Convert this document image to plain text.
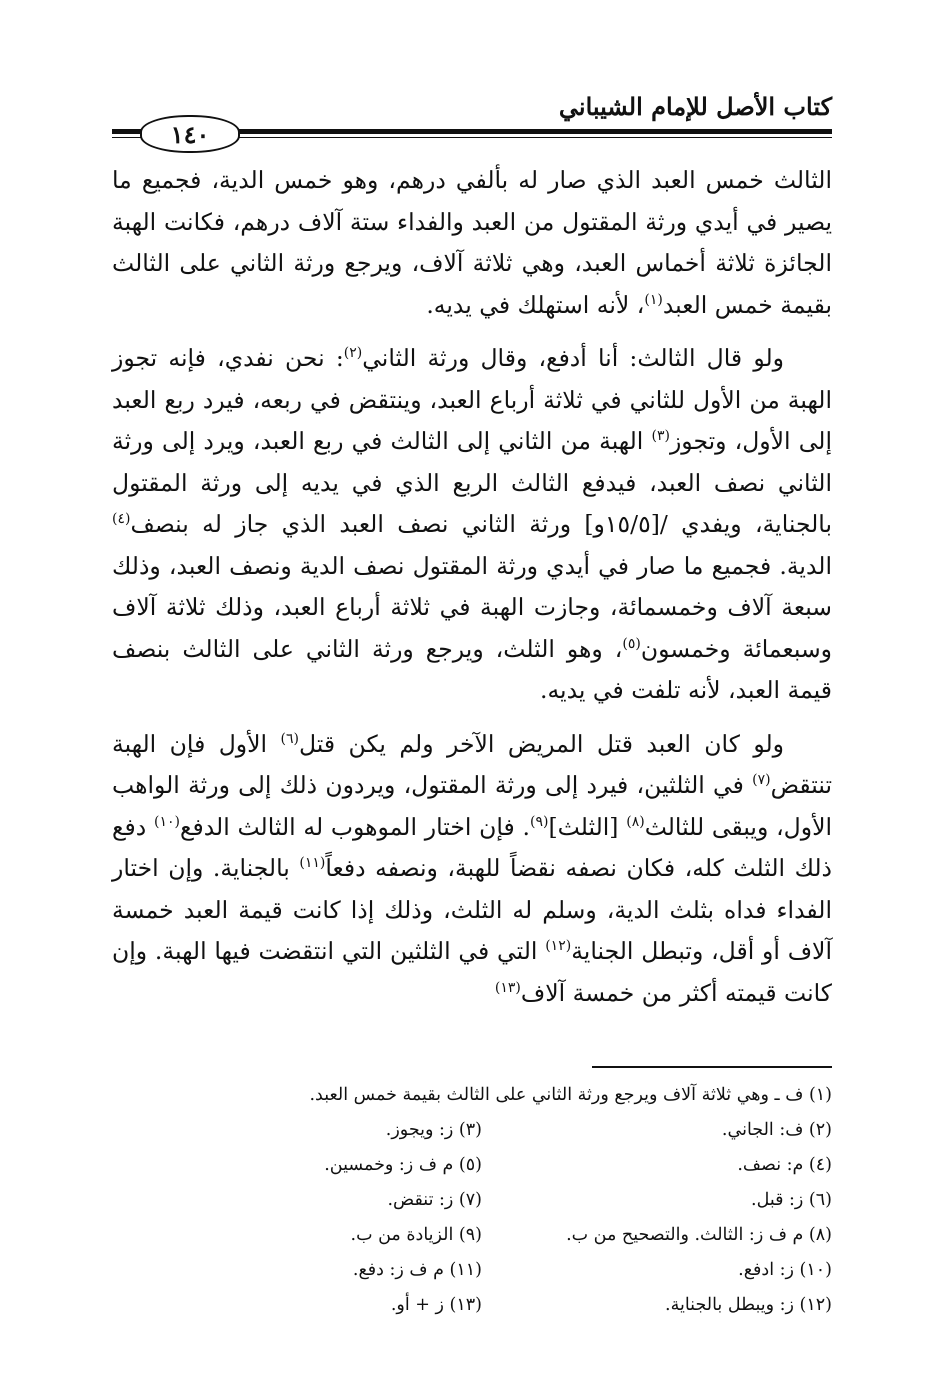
كتاب الأصل للإمام الشيباني
١٤٠

الثالث خمس العبد الذي صار له بألفي درهم، وهو خمس الدية، فجميع ما يصير في أيدي ورثة المقتول من العبد والفداء ستة آلاف درهم، فكانت الهبة الجائزة ثلاثة أخماس العبد، وهي ثلاثة آلاف، ويرجع ورثة الثاني على الثالث بقيمة خمس العبد$^{(١)}$، لأنه استهلك في يديه.

ولو قال الثالث: أنا أدفع، وقال ورثة الثاني$^{(٢)}$: نحن نفدي، فإنه تجوز الهبة من الأول للثاني في ثلاثة أرباع العبد، وينتقض في ربعه، فيرد ربع العبد إلى الأول، وتجوز$^{(٣)}$ الهبة من الثاني إلى الثالث في ربع العبد، ويرد إلى ورثة الثاني نصف العبد، فيدفع الثالث الربع الذي في يديه إلى ورثة المقتول بالجناية، ويفدي /[١٥/٥و] ورثة الثاني نصف العبد الذي جاز له بنصف$^{(٤)}$ الدية. فجميع ما صار في أيدي ورثة المقتول نصف الدية ونصف العبد، وذلك سبعة آلاف وخمسمائة، وجازت الهبة في ثلاثة أرباع العبد، وذلك ثلاثة آلاف وسبعمائة وخمسون$^{(٥)}$، وهو الثلث، ويرجع ورثة الثاني على الثالث بنصف قيمة العبد، لأنه تلفت في يديه.

ولو كان العبد قتل المريض الآخر ولم يكن قتل$^{(٦)}$ الأول فإن الهبة تنتقض$^{(٧)}$ في الثلثين، فيرد إلى ورثة المقتول، ويردون ذلك إلى ورثة الواهب الأول، ويبقى للثالث$^{(٨)}$ [الثلث]$^{(٩)}$. فإن اختار الموهوب له الثالث الدفع$^{(١٠)}$ دفع ذلك الثلث كله، فكان نصفه نقضاً للهبة، ونصفه دفعاً$^{(١١)}$ بالجناية. وإن اختار الفداء فداه بثلث الدية، وسلم له الثلث، وذلك إذا كانت قيمة العبد خمسة آلاف أو أقل، وتبطل الجناية$^{(١٢)}$ التي في الثلثين التي انتقضت فيها الهبة. وإن كانت قيمته أكثر من خمسة آلاف$^{(١٣)}$

(١) ف ـ وهي ثلاثة آلاف ويرجع ورثة الثاني على الثالث بقيمة خمس العبد.
(٢) ف: الجاني.
(٣) ز: ويجوز.
(٤) م: نصف.
(٥) م ف ز: وخمسين.
(٦) ز: قبل.
(٧) ز: تنقض.
(٨) م ف ز: الثالث. والتصحيح من ب.
(٩) الزيادة من ب.
(١٠) ز: ادفع.
(١١) م ف ز: دفع.
(١٢) ز: ويبطل بالجناية.
(١٣) ز + أو.
